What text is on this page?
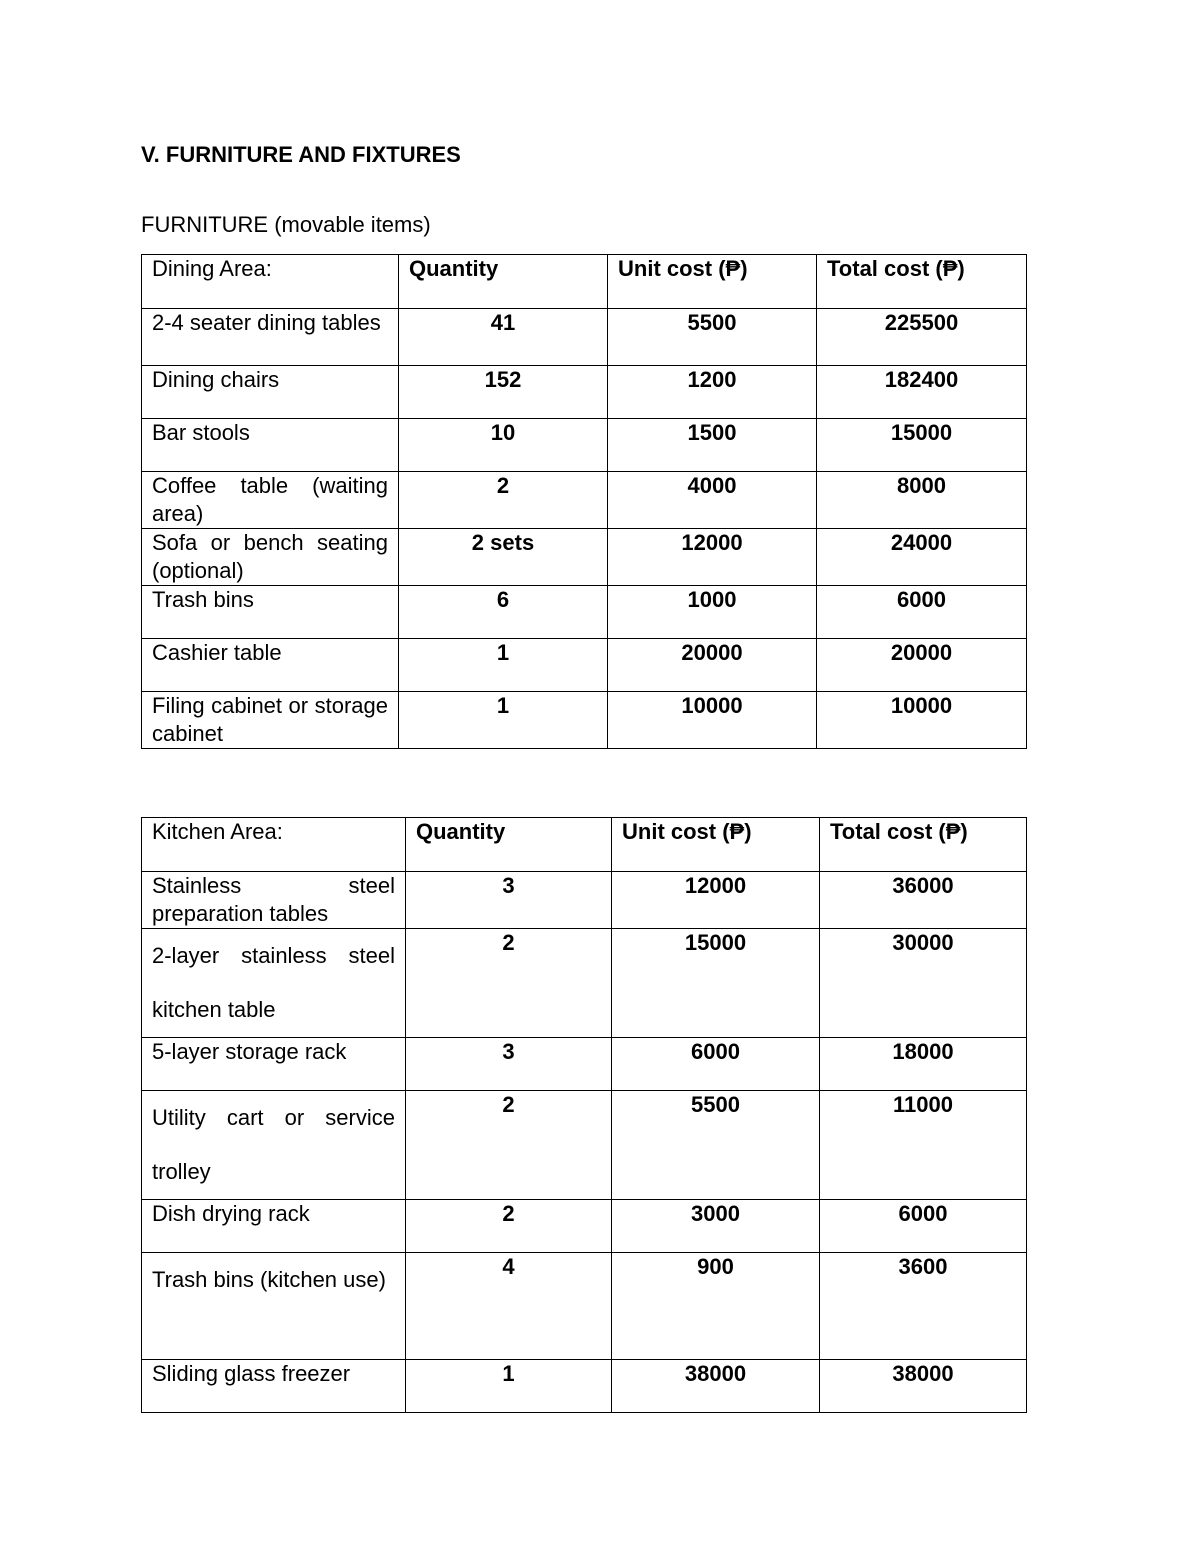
V. FURNITURE AND FIXTURES
FURNITURE (movable items)
Dining Area:	Quantity	Unit cost (₱)	Total cost (₱)
2-4 seater dining tables	41	5500	225500
Dining chairs	152	1200	182400
Bar stools	10	1500	15000
Coffee table (waiting area)	2	4000	8000
Sofa or bench seating (optional)	2 sets	12000	24000
Trash bins	6	1000	6000
Cashier table	1	20000	20000
Filing cabinet or storage cabinet	1	10000	10000
Kitchen Area:	Quantity	Unit cost (₱)	Total cost (₱)
Stainless steel preparation tables	3	12000	36000
2-layer stainless steel kitchen table	2	15000	30000
5-layer storage rack	3	6000	18000
Utility cart or service trolley	2	5500	11000
Dish drying rack	2	3000	6000
Trash bins (kitchen use)	4	900	3600
Sliding glass freezer	1	38000	38000
